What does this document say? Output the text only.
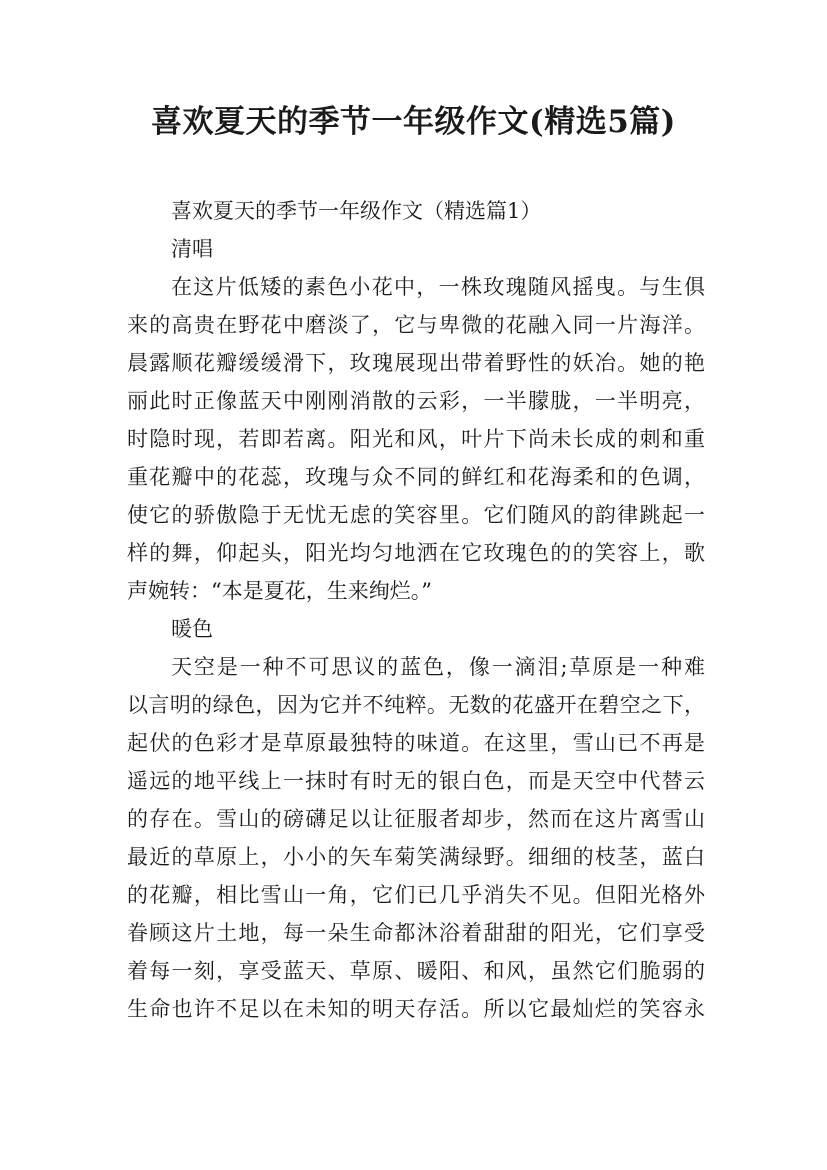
喜欢夏天的季节一年级作文(精选5篇)
喜欢夏天的季节一年级作文（精选篇1）
清唱
在这片低矮的素色小花中，一株玫瑰随风摇曳。与生俱
来的高贵在野花中磨淡了，它与卑微的花融入同一片海洋。
晨露顺花瓣缓缓滑下，玫瑰展现出带着野性的妖冶。她的艳
丽此时正像蓝天中刚刚消散的云彩，一半朦胧，一半明亮，
时隐时现，若即若离。阳光和风，叶片下尚未长成的刺和重
重花瓣中的花蕊，玫瑰与众不同的鲜红和花海柔和的色调，
使它的骄傲隐于无忧无虑的笑容里。它们随风的韵律跳起一
样的舞，仰起头，阳光均匀地洒在它玫瑰色的的笑容上，歌
声婉转：“本是夏花，生来绚烂。”
暖色
天空是一种不可思议的蓝色，像一滴泪;草原是一种难
以言明的绿色，因为它并不纯粹。无数的花盛开在碧空之下，
起伏的色彩才是草原最独特的味道。在这里，雪山已不再是
遥远的地平线上一抹时有时无的银白色，而是天空中代替云
的存在。雪山的磅礴足以让征服者却步，然而在这片离雪山
最近的草原上，小小的矢车菊笑满绿野。细细的枝茎，蓝白
的花瓣，相比雪山一角，它们已几乎消失不见。但阳光格外
眷顾这片土地，每一朵生命都沐浴着甜甜的阳光，它们享受
着每一刻，享受蓝天、草原、暖阳、和风，虽然它们脆弱的
生命也许不足以在未知的明天存活。所以它最灿烂的笑容永
